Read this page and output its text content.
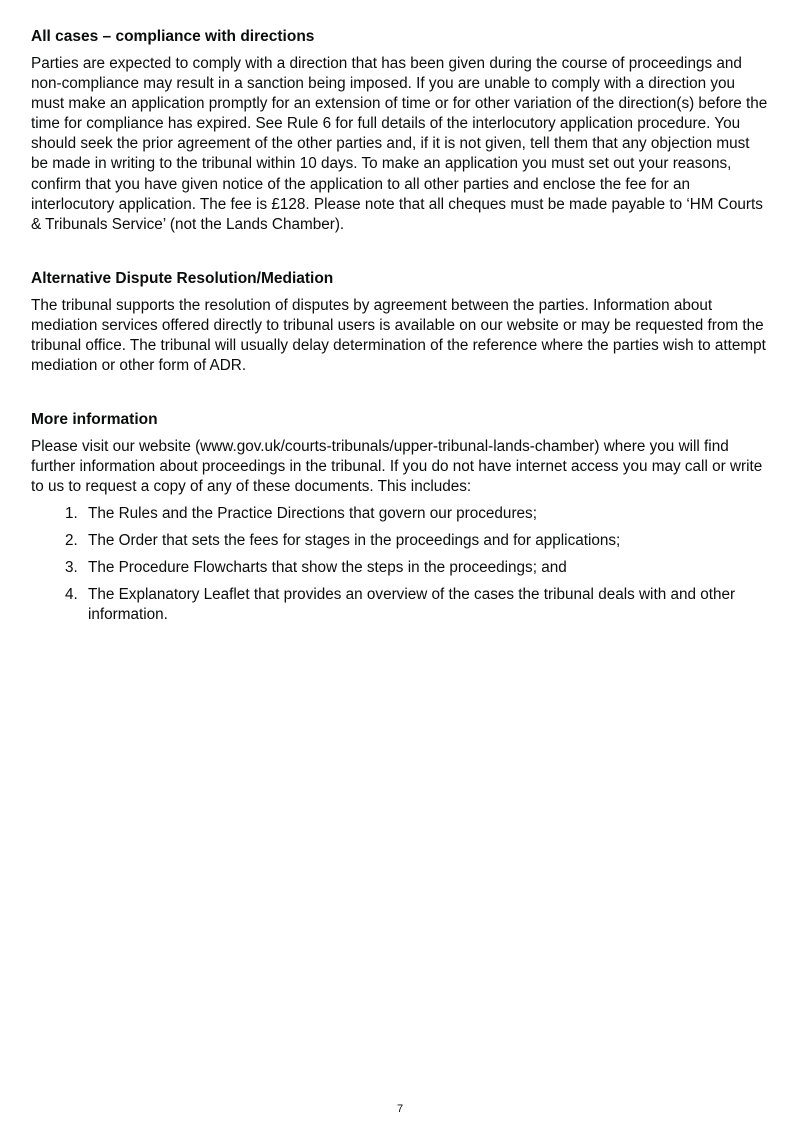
All cases – compliance with directions

Parties are expected to comply with a direction that has been given during the course of proceedings and non-compliance may result in a sanction being imposed. If you are unable to comply with a direction you must make an application promptly for an extension of time or for other variation of the direction(s) before the time for compliance has expired. See Rule 6 for full details of the interlocutory application procedure. You should seek the prior agreement of the other parties and, if it is not given, tell them that any objection must be made in writing to the tribunal within 10 days. To make an application you must set out your reasons, confirm that you have given notice of the application to all other parties and enclose the fee for an interlocutory application. The fee is £128. Please note that all cheques must be made payable to ‘HM Courts & Tribunals Service’ (not the Lands Chamber).

Alternative Dispute Resolution/Mediation

The tribunal supports the resolution of disputes by agreement between the parties. Information about mediation services offered directly to tribunal users is available on our website or may be requested from the tribunal office. The tribunal will usually delay determination of the reference where the parties wish to attempt mediation or other form of ADR.

More information

Please visit our website (www.gov.uk/courts-tribunals/upper-tribunal-lands-chamber) where you will find further information about proceedings in the tribunal. If you do not have internet access you may call or write to us to request a copy of any of these documents. This includes:

1. The Rules and the Practice Directions that govern our procedures;
2. The Order that sets the fees for stages in the proceedings and for applications;
3. The Procedure Flowcharts that show the steps in the proceedings; and
4. The Explanatory Leaflet that provides an overview of the cases the tribunal deals with and other information.
7
